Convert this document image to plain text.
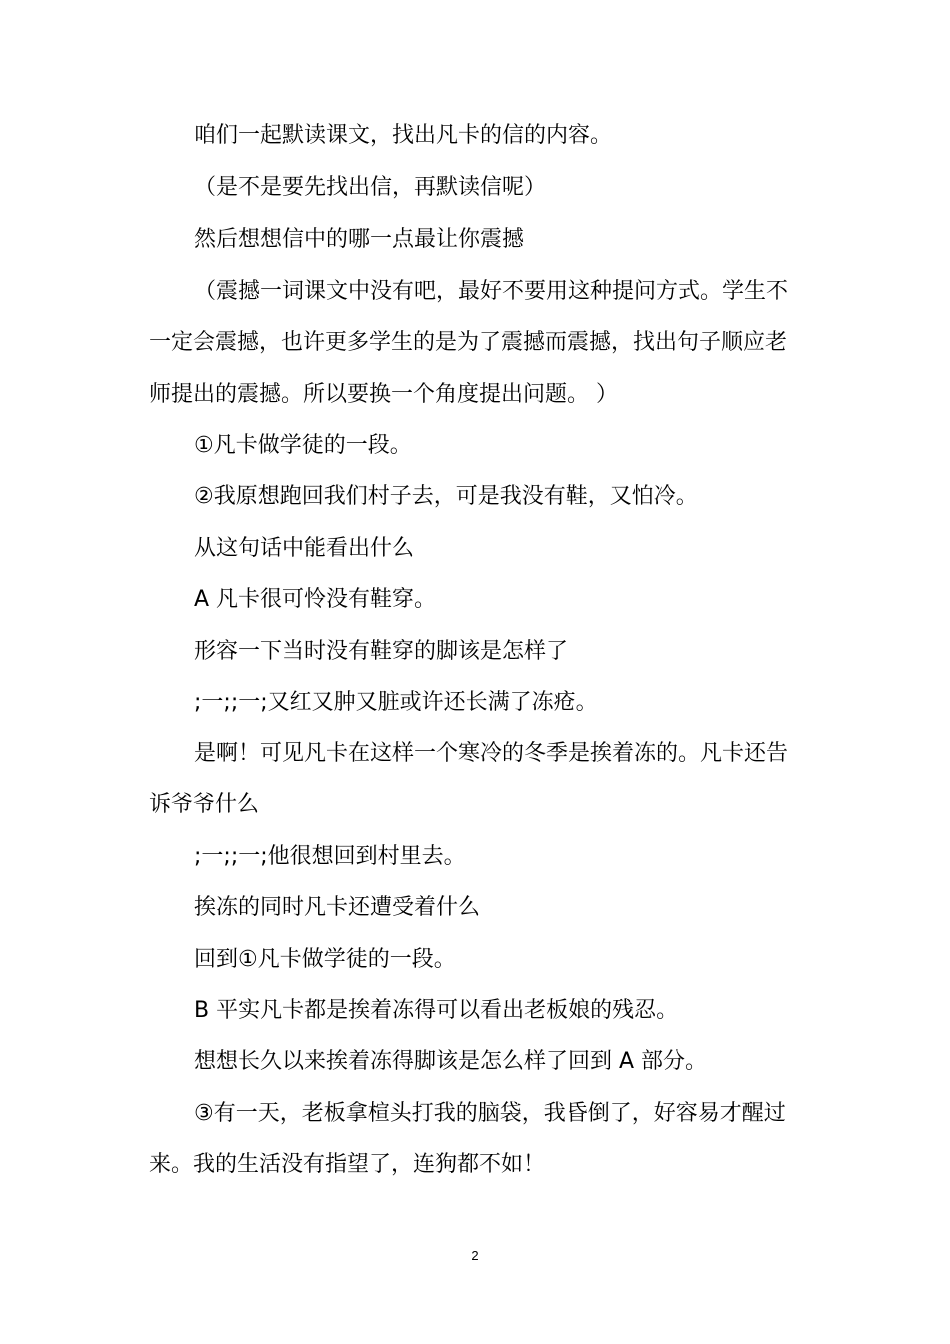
咱们一起默读课文，找出凡卡的信的内容。
（是不是要先找出信，再默读信呢）
然后想想信中的哪一点最让你震撼
（震撼一词课文中没有吧，最好不要用这种提问方式。学生不
一定会震撼，也许更多学生的是为了震撼而震撼，找出句子顺应老
师提出的震撼。所以要换一个角度提出问题。 ）
①凡卡做学徒的一段。
②我原想跑回我们村子去，可是我没有鞋，又怕冷。
从这句话中能看出什么
A 凡卡很可怜没有鞋穿。
形容一下当时没有鞋穿的脚该是怎样了
;一;;一;又红又肿又脏或许还长满了冻疮。
是啊！可见凡卡在这样一个寒冷的冬季是挨着冻的。凡卡还告
诉爷爷什么
;一;;一;他很想回到村里去。
挨冻的同时凡卡还遭受着什么
回到①凡卡做学徒的一段。
B 平实凡卡都是挨着冻得可以看出老板娘的残忍。
想想长久以来挨着冻得脚该是怎么样了回到 A 部分。
③有一天，老板拿楦头打我的脑袋，我昏倒了，好容易才醒过
来。我的生活没有指望了，连狗都不如！
2
